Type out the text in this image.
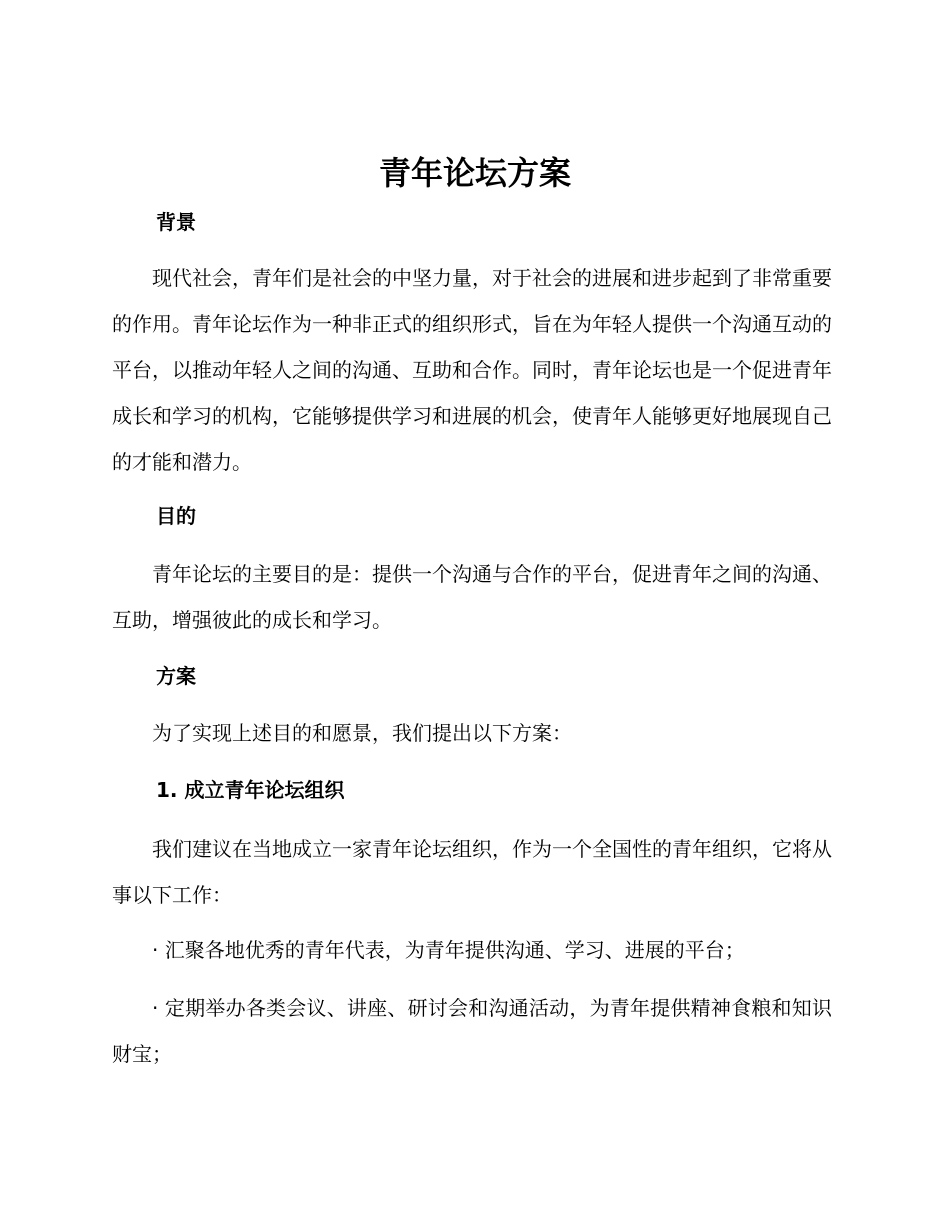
青年论坛方案
背景

现代社会，青年们是社会的中坚力量，对于社会的进展和进步起到了非常重要的作用。青年论坛作为一种非正式的组织形式，旨在为年轻人提供一个沟通互动的平台，以推动年轻人之间的沟通、互助和合作。同时，青年论坛也是一个促进青年成长和学习的机构，它能够提供学习和进展的机会，使青年人能够更好地展现自己的才能和潜力。

目的

青年论坛的主要目的是：提供一个沟通与合作的平台，促进青年之间的沟通、互助，增强彼此的成长和学习。

方案

为了实现上述目的和愿景，我们提出以下方案：

1. 成立青年论坛组织

我们建议在当地成立一家青年论坛组织，作为一个全国性的青年组织，它将从事以下工作：

· 汇聚各地优秀的青年代表，为青年提供沟通、学习、进展的平台；

· 定期举办各类会议、讲座、研讨会和沟通活动，为青年提供精神食粮和知识财宝；
